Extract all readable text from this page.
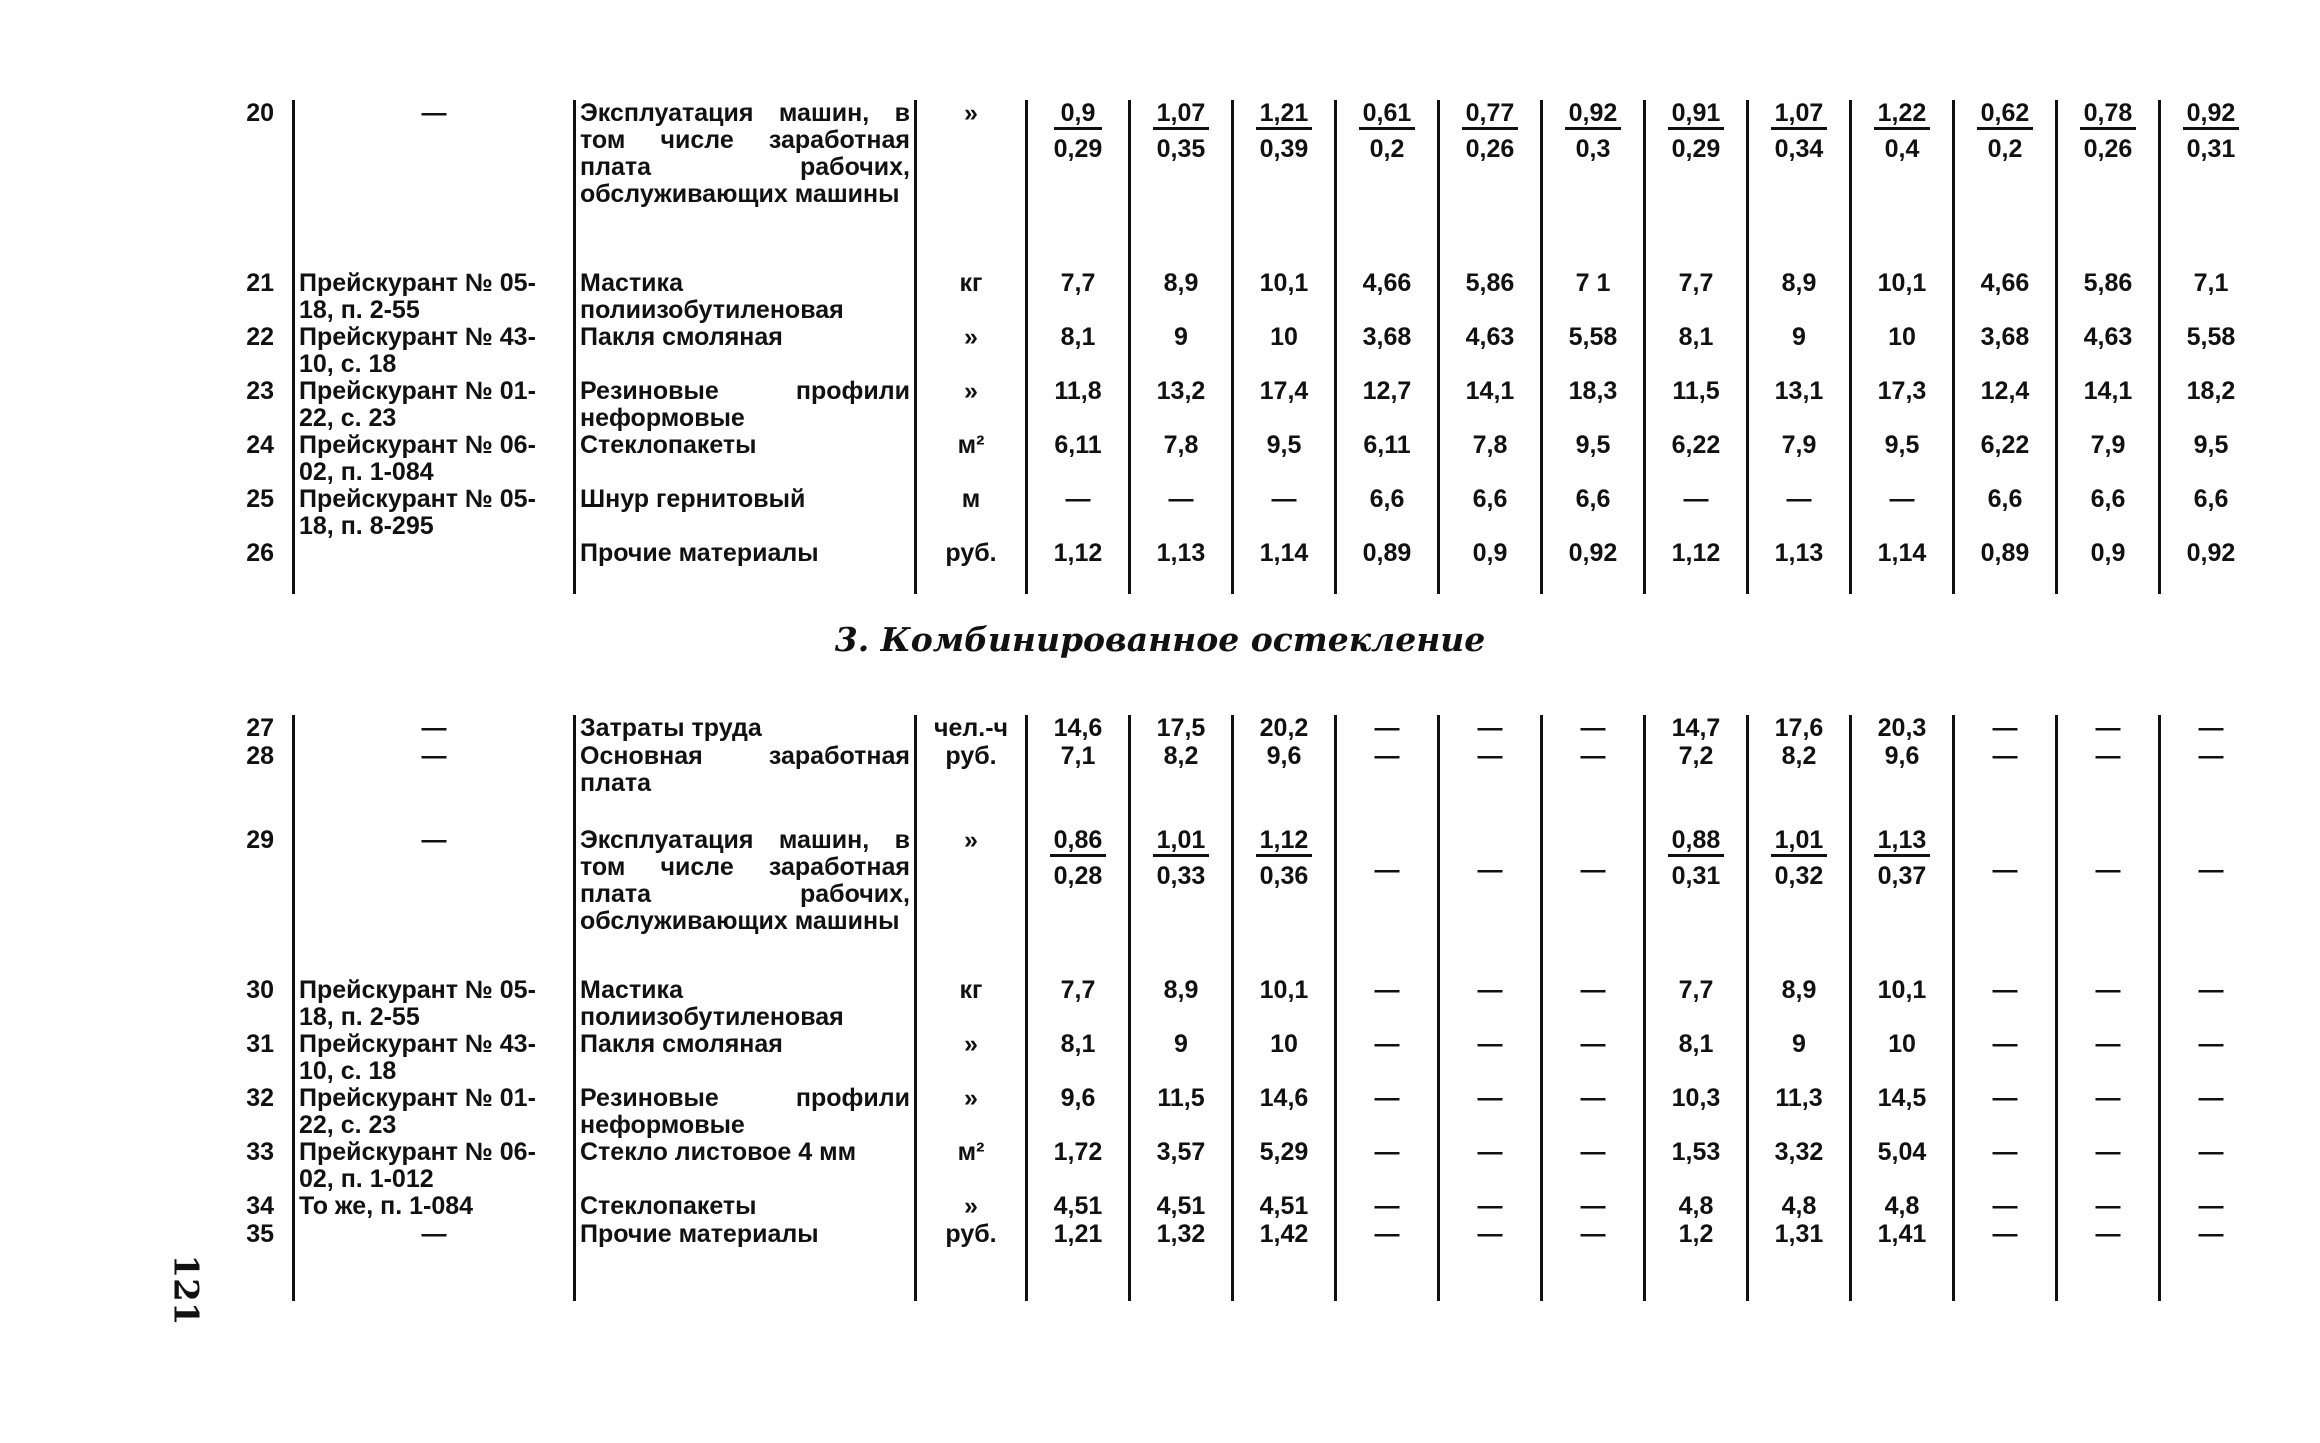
20	—	Эксплуатация машин, в том числе заработная плата рабочих, обслуживающих машины	»	$\frac{0,9}{0,29}$	$\frac{1,07}{0,35}$	$\frac{1,21}{0,39}$	$\frac{0,61}{0,2}$	$\frac{0,77}{0,26}$	$\frac{0,92}{0,3}$	$\frac{0,91}{0,29}$	$\frac{1,07}{0,34}$	$\frac{1,22}{0,4}$	$\frac{0,62}{0,2}$	$\frac{0,78}{0,26}$	$\frac{0,92}{0,31}$

21	Прейскурант № 05-18, п. 2-55	Мастика полиизобутиленовая	кг	7,7	8,9	10,1	4,66	5,86	7 1	7,7	8,9	10,1	4,66	5,86	7,1
22	Прейскурант № 43-10, с. 18	Пакля смоляная	»	8,1	9	10	3,68	4,63	5,58	8,1	9	10	3,68	4,63	5,58
23	Прейскурант № 01-22, с. 23	Резиновые профили неформовые	»	11,8	13,2	17,4	12,7	14,1	18,3	11,5	13,1	17,3	12,4	14,1	18,2
24	Прейскурант № 06-02, п. 1-084	Стеклопакеты	м²	6,11	7,8	9,5	6,11	7,8	9,5	6,22	7,9	9,5	6,22	7,9	9,5
25	Прейскурант № 05-18, п. 8-295	Шнур гернитовый	м	—	—	—	6,6	6,6	6,6	—	—	—	6,6	6,6	6,6
26		Прочие материалы	руб.	1,12	1,13	1,14	0,89	0,9	0,92	1,12	1,13	1,14	0,89	0,9	0,92
3. Комбинированное остекление
27	—	Затраты труда	чел.-ч	14,6	17,5	20,2	—	—	—	14,7	17,6	20,3	—	—	—
28	—	Основная заработная плата	руб.	7,1	8,2	9,6	—	—	—	7,2	8,2	9,6	—	—	—
29	—	Эксплуатация машин, в том числе заработная плата рабочих, обслуживающих машины	»	$\frac{0,86}{0,28}$	$\frac{1,01}{0,33}$	$\frac{1,12}{0,36}$	—	—	—	$\frac{0,88}{0,31}$	$\frac{1,01}{0,32}$	$\frac{1,13}{0,37}$	—	—	—
30	Прейскурант № 05-18, п. 2-55	Мастика полиизобутиленовая	кг	7,7	8,9	10,1	—	—	—	7,7	8,9	10,1	—	—	—
31	Прейскурант № 43-10, с. 18	Пакля смоляная	»	8,1	9	10	—	—	—	8,1	9	10	—	—	—
32	Прейскурант № 01-22, с. 23	Резиновые профили неформовые	»	9,6	11,5	14,6	—	—	—	10,3	11,3	14,5	—	—	—
33	Прейскурант № 06-02, п. 1-012	Стекло листовое 4 мм	м²	1,72	3,57	5,29	—	—	—	1,53	3,32	5,04	—	—	—
34	То же, п. 1-084	Стеклопакеты	»	4,51	4,51	4,51	—	—	—	4,8	4,8	4,8	—	—	—
35	—	Прочие материалы	руб.	1,21	1,32	1,42	—	—	—	1,2	1,31	1,41	—	—	—
121
